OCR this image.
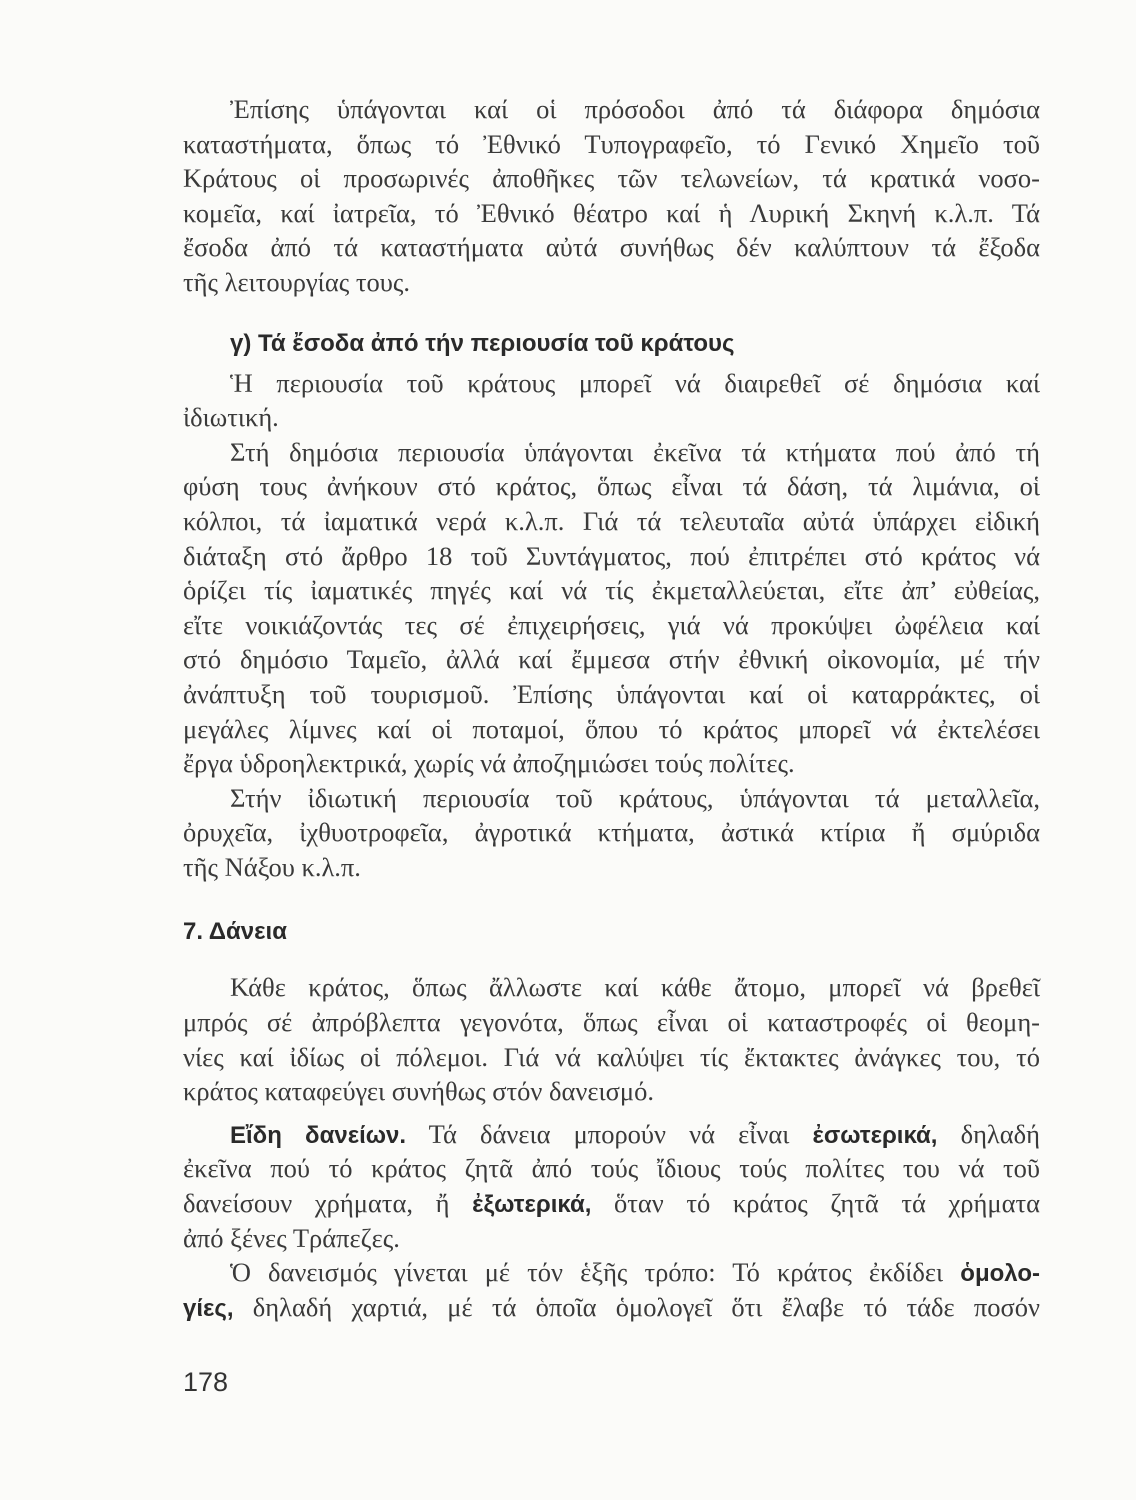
Ἐπίσης ὑπάγονται καί οἱ πρόσοδοι ἀπό τά διάφορα δημόσια
καταστήματα, ὅπως τό Ἐθνικό Τυπογραφεῖο, τό Γενικό Χημεῖο τοῦ
Κράτους οἱ προσωρινές ἀποθῆκες τῶν τελωνείων, τά κρατικά νοσο-
κομεῖα, καί ἰατρεῖα, τό Ἐθνικό θέατρο καί ἡ Λυρική Σκηνή κ.λ.π. Τά
ἔσοδα ἀπό τά καταστήματα αὐτά συνήθως δέν καλύπτουν τά ἔξοδα
τῆς λειτουργίας τους.
γ) Τά ἔσοδα ἀπό τήν περιουσία τοῦ κράτους
Ἡ περιουσία τοῦ κράτους μπορεῖ νά διαιρεθεῖ σέ δημόσια καί
ἰδιωτική.
Στή δημόσια περιουσία ὑπάγονται ἐκεῖνα τά κτήματα πού ἀπό τή
φύση τους ἀνήκουν στό κράτος, ὅπως εἶναι τά δάση, τά λιμάνια, οἱ
κόλποι, τά ἰαματικά νερά κ.λ.π. Γιά τά τελευταῖα αὐτά ὑπάρχει εἰδική
διάταξη στό ἄρθρο 18 τοῦ Συντάγματος, πού ἐπιτρέπει στό κράτος νά
ὁρίζει τίς ἰαματικές πηγές καί νά τίς ἐκμεταλλεύεται, εἴτε ἀπ’ εὐθείας,
εἴτε νοικιάζοντάς τες σέ ἐπιχειρήσεις, γιά νά προκύψει ὠφέλεια καί
στό δημόσιο Ταμεῖο, ἀλλά καί ἔμμεσα στήν ἐθνική οἰκονομία, μέ τήν
ἀνάπτυξη τοῦ τουρισμοῦ. Ἐπίσης ὑπάγονται καί οἱ καταρράκτες, οἱ
μεγάλες λίμνες καί οἱ ποταμοί, ὅπου τό κράτος μπορεῖ νά ἐκτελέσει
ἔργα ὑδροηλεκτρικά, χωρίς νά ἀποζημιώσει τούς πολίτες.
Στήν ἰδιωτική περιουσία τοῦ κράτους, ὑπάγονται τά μεταλλεῖα,
ὀρυχεῖα, ἰχθυοτροφεῖα, ἀγροτικά κτήματα, ἀστικά κτίρια ἤ σμύριδα
τῆς Νάξου κ.λ.π.
7. Δάνεια
Κάθε κράτος, ὅπως ἄλλωστε καί κάθε ἄτομο, μπορεῖ νά βρεθεῖ
μπρός σέ ἀπρόβλεπτα γεγονότα, ὅπως εἶναι οἱ καταστροφές οἱ θεομη-
νίες καί ἰδίως οἱ πόλεμοι. Γιά νά καλύψει τίς ἔκτακτες ἀνάγκες του, τό
κράτος καταφεύγει συνήθως στόν δανεισμό.
Εἴδη δανείων. Τά δάνεια μπορούν νά εἶναι ἐσωτερικά, δηλαδή
ἐκεῖνα πού τό κράτος ζητᾶ ἀπό τούς ἴδιους τούς πολίτες του νά τοῦ
δανείσουν χρήματα, ἤ ἐξωτερικά, ὅταν τό κράτος ζητᾶ τά χρήματα
ἀπό ξένες Τράπεζες.
Ὁ δανεισμός γίνεται μέ τόν ἑξῆς τρόπο: Τό κράτος ἐκδίδει ὁμολο-
γίες, δηλαδή χαρτιά, μέ τά ὁποῖα ὁμολογεῖ ὅτι ἔλαβε τό τάδε ποσόν
178
